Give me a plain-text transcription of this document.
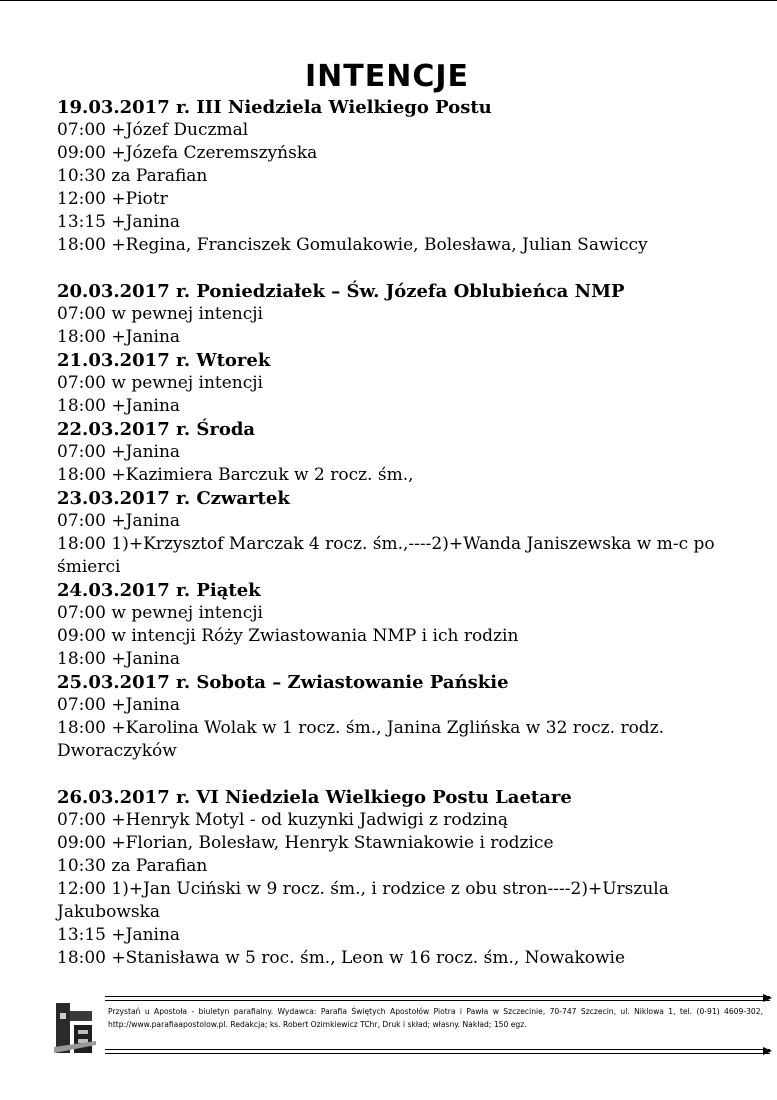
INTENCJE
19.03.2017 r. III Niedziela Wielkiego Postu
07:00 +Józef Duczmal
09:00 +Józefa Czeremszyńska
10:30 za Parafian
12:00 +Piotr
13:15 +Janina
18:00 +Regina, Franciszek Gomulakowie, Bolesława, Julian Sawiccy
20.03.2017 r. Poniedziałek – Św. Józefa Oblubieńca NMP
07:00 w pewnej intencji
18:00 +Janina
21.03.2017 r. Wtorek
07:00 w pewnej intencji
18:00 +Janina
22.03.2017 r. Środa
07:00 +Janina
18:00 +Kazimiera Barczuk w 2 rocz. śm.,
23.03.2017 r. Czwartek
07:00 +Janina
18:00 1)+Krzysztof Marczak 4 rocz. śm.,----2)+Wanda Janiszewska w m-c po śmierci
24.03.2017 r. Piątek
07:00 w pewnej intencji
09:00 w intencji Róży Zwiastowania NMP i ich rodzin
18:00 +Janina
25.03.2017 r. Sobota – Zwiastowanie Pańskie
07:00 +Janina
18:00 +Karolina Wolak w 1 rocz. śm., Janina Zglińska w 32 rocz. rodz. Dworaczyków
26.03.2017 r. VI Niedziela Wielkiego Postu Laetare
07:00 +Henryk Motyl - od kuzynki Jadwigi z rodziną
09:00 +Florian, Bolesław, Henryk Stawniakowie i rodzice
10:30 za Parafian
12:00 1)+Jan Uciński w 9 rocz. śm., i rodzice z obu stron----2)+Urszula Jakubowska
13:15 +Janina
18:00 +Stanisława w 5 roc. śm., Leon w 16 rocz. śm., Nowakowie
Przystań u Apostoła - biuletyn parafialny. Wydawca: Parafia Świętych Apostołów Piotra i Pawła w Szczecinie, 70-747 Szczecin, ul. Niklowa 1, tel. (0-91) 4609-302, http://www.parafiaapostolow.pl. Redakcja; ks. Robert Ozimkiewicz TChr, Druk i skład; własny. Nakład; 150 egz.
